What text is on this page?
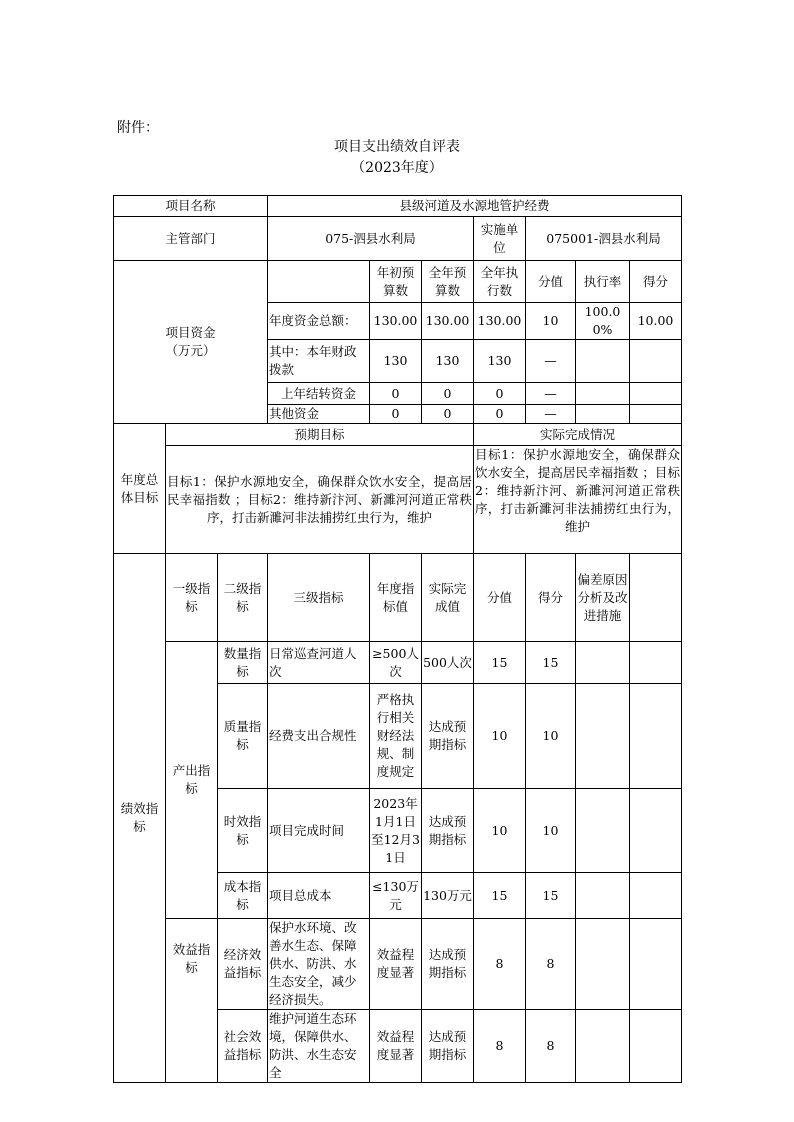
附件：
项目支出绩效自评表
（2023年度）
项目名称			县级河道及水源地管护经费						
主管部门			075-泗县水利局			实施单位	075001-泗县水利局		

项目资金
（万元）				年初预算数	全年预算数	全年执行数	分值	执行率	得分
			年度资金总额：	130.00	130.00	130.00	10	100.00%	10.00
			其中：本年财政拨款	130	130	130	—		
			上年结转资金	0	0	0	—		
			其他资金	0	0	0	—		
年度总体目标	预期目标					实际完成情况			
	目标1：保护水源地安全，确保群众饮水安全，提高居民幸福指数 ；目标2：维持新汴河、新濉河河道正常秩序，打击新濉河非法捕捞红虫行为，维护					目标1：保护水源地安全，确保群众饮水安全，提高居民幸福指数 ；目标2：维持新汴河、新濉河河道正常秩序，打击新濉河非法捕捞红虫行为，维护			
绩效指标	一级指标	二级指标	三级指标	年度指标值	实际完成值	分值	得分	偏差原因分析及改进措施	
	产出指标	数量指标	日常巡查河道人次	≥500人次	500人次	15	15		
		质量指标	经费支出合规性	严格执行相关财经法规、制度规定	达成预期指标	10	10		
		时效指标	项目完成时间	2023年1月1日至12月31日	达成预期指标	10	10		
		成本指标	项目总成本	≤130万元	130万元	15	15		
	效益指标	经济效益指标	保护水环境、改善水生态、保障供水、防洪、水生态安全，减少经济损失。	效益程度显著	达成预期指标	8	8		
		社会效益指标	维护河道生态环境，保障供水、防洪、水生态安全	效益程度显著	达成预期指标	8	8		
